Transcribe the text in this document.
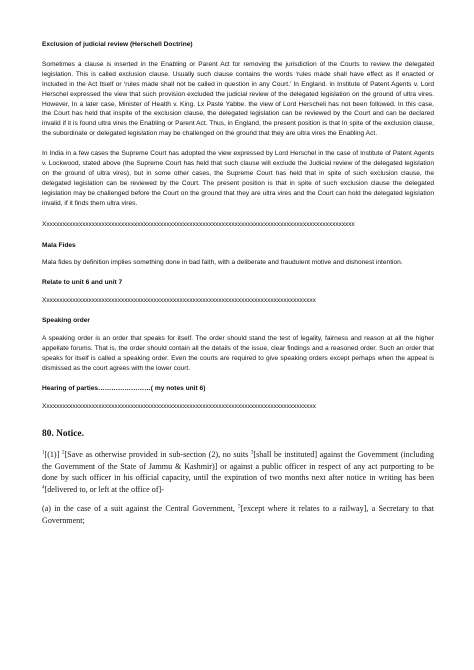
Exclusion of judicial review (Herschell Doctrine)

Sometimes a clause is inserted in the Enabling or Parent Act for removing the jurisdiction of the Courts to review the delegated legislation. This is called exclusion clause. Usually such clause contains the words ‘rules made shall have effect as If enacted or Included in the Act Itself or ‘rules made shall not be called in question in any Court.’ In England. in Institute of Patent Agents v. Lord Herschel expressed the view that such provision excluded the judicial review of the delegated legislation on the ground of ultra vires. However, In a later case, Minister of Health v. King. Lx Paste Yabbe. the view of Lord Herscheli has not been followed. In this case, the Court has held that inspite of the exclusion clause, the delegated legislation can be reviewed by the Court and can be declared invalid if it is found ultra vires the Enabling or Parent Act. Thus, in England, the present position is that In spite of the exclusion clause, the subordinate or delegated legislation may be challenged on the ground that they are ultra vires the Enabling Act.

In India in a few cases the Supreme Court has adopted the view expressed by Lord Herschel in the case of Institute of Patent Agents v. Lockwood, stated above (the Supreme Court has held that such clause will exclude the Judicial review of the delegated legislation on the ground of ultra vires), but in some other cases, the Supreme Court has held that in spite of such exclusion clause, the delegated legislation can be reviewed by the Court. The present position is that in spite of such exclusion clause the delegated legislation may be challenged before the Court on the ground that they are ultra vires and the Court can hold the delegated legislation invalid, if it finds them ultra vires.

Xxxxxxxxxxxxxxxxxxxxxxxxxxxxxxxxxxxxxxxxxxxxxxxxxxxxxxxxxxxxxxxxxxxxxxxxxxxxxxxxxxxxxxxxxxxxxxxx

Mala Fides

Mala fides by definition implies something done in bad faith, with a deliberate and fraudulent motive and dishonest intention.

Relate to unit 6 and unit 7

Xxxxxxxxxxxxxxxxxxxxxxxxxxxxxxxxxxxxxxxxxxxxxxxxxxxxxxxxxxxxxxxxxxxxxxxxxxxxxxxxxxxx

Speaking order

A speaking order is an order that speaks for itself. The order should stand the test of legality, fairness and reason at all the higher appellate forums. That is, the order should contain all the details of the issue, clear findings and a reasoned order. Such an order that speaks for itself is called a speaking order. Even the courts are required to give speaking orders except perhaps when the appeal is dismissed as the court agrees with the lower court.

Hearing of parties……………………( my notes unit 6)

Xxxxxxxxxxxxxxxxxxxxxxxxxxxxxxxxxxxxxxxxxxxxxxxxxxxxxxxxxxxxxxxxxxxxxxxxxxxxxxxxxxxx

80. Notice.

$^1$[(1)] $^2$[Save as otherwise provided in sub-section (2), no suits $^3$[shall be instituted] against the Government (including the Government of the State of Jammu & Kashmir)] or against a public officer in respect of any act purporting to be done by such officer in his official capacity, until the expiration of two months next after notice in writing has been $^4$[delivered to, or left at the office of]-

(a) in the case of a suit against the Central Government, $^5$[except where it relates to a railway], a Secretary to that Government;
